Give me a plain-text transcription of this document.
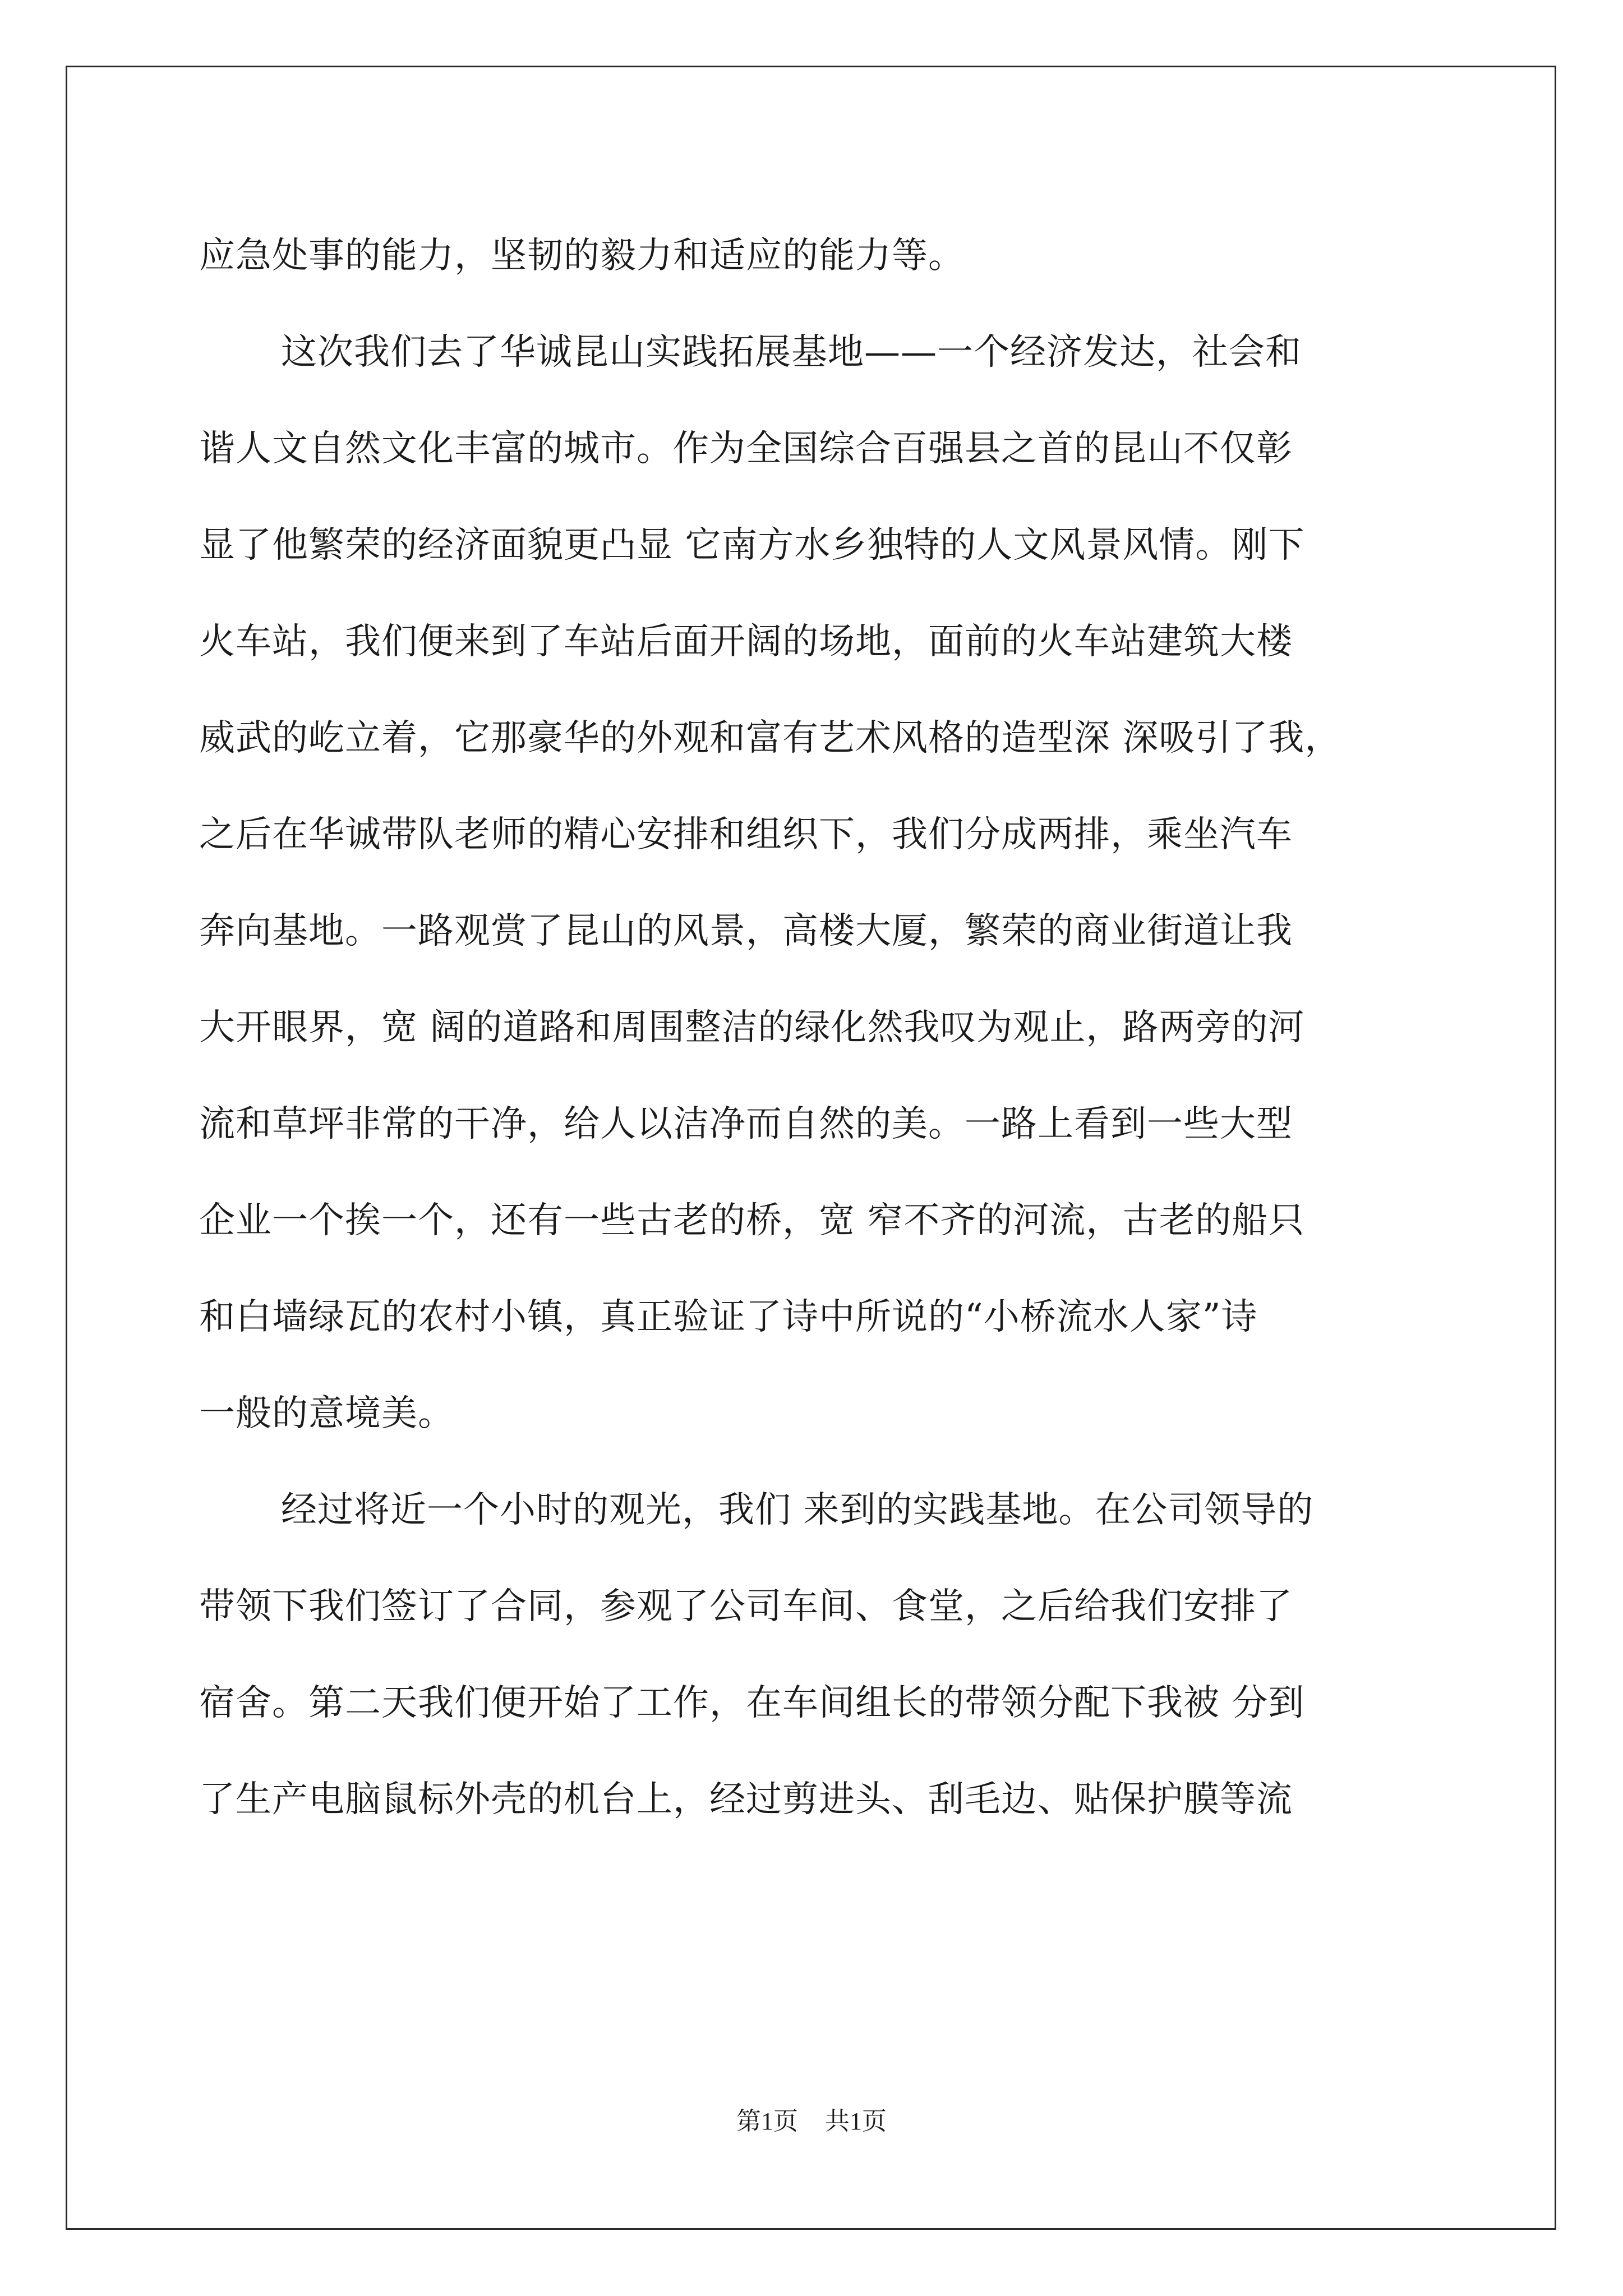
应急处事的能力，坚韧的毅力和适应的能力等。
这次我们去了华诚昆山实践拓展基地——一个经济发达，社会和
谐人文自然文化丰富的城市。作为全国综合百强县之首的昆山不仅彰
显了他繁荣的经济面貌更凸显 它南方水乡独特的人文风景风情。刚下
火车站，我们便来到了车站后面开阔的场地，面前的火车站建筑大楼
威武的屹立着，它那豪华的外观和富有艺术风格的造型深 深吸引了我，
之后在华诚带队老师的精心安排和组织下，我们分成两排，乘坐汽车
奔向基地。一路观赏了昆山的风景，高楼大厦，繁荣的商业街道让我
大开眼界，宽 阔的道路和周围整洁的绿化然我叹为观止，路两旁的河
流和草坪非常的干净，给人以洁净而自然的美。一路上看到一些大型
企业一个挨一个，还有一些古老的桥，宽 窄不齐的河流，古老的船只
和白墙绿瓦的农村小镇，真正验证了诗中所说的“小桥流水人家”诗
一般的意境美。
经过将近一个小时的观光，我们 来到的实践基地。在公司领导的
带领下我们签订了合同，参观了公司车间、食堂，之后给我们安排了
宿舍。第二天我们便开始了工作，在车间组长的带领分配下我被 分到
了生产电脑鼠标外壳的机台上，经过剪进头、刮毛边、贴保护膜等流
第1页 共1页
